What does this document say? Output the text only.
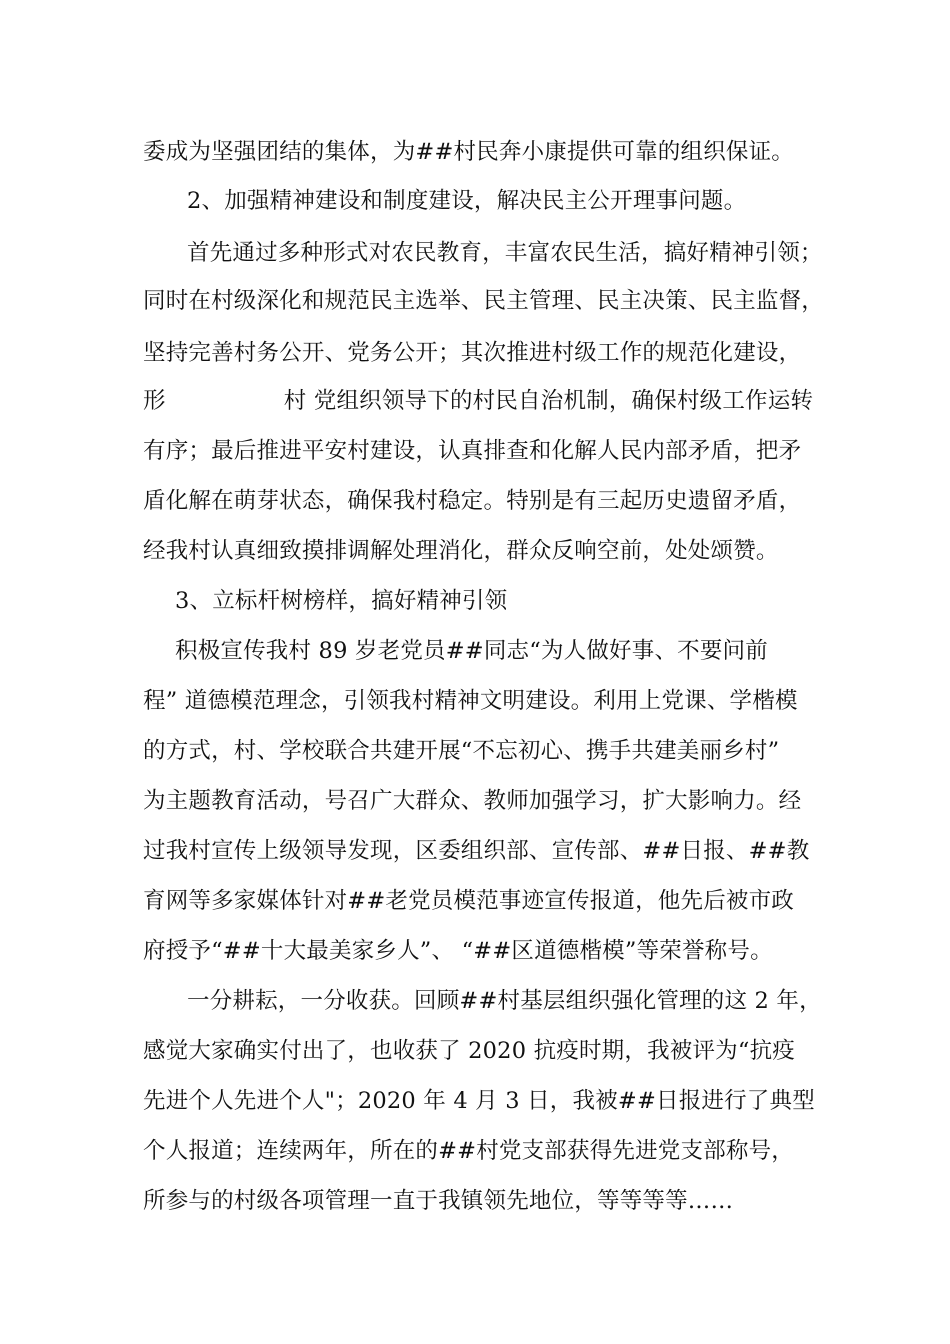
委成为坚强团结的集体，为##村民奔小康提供可靠的组织保证。
2、加强精神建设和制度建设，解决民主公开理事问题。
首先通过多种形式对农民教育，丰富农民生活，搞好精神引领；
同时在村级深化和规范民主选举、民主管理、民主决策、民主监督，
坚持完善村务公开、党务公开；其次推进村级工作的规范化建设，
形	村 党组织领导下的村民自治机制，确保村级工作运转
有序；最后推进平安村建设，认真排查和化解人民内部矛盾，把矛
盾化解在萌芽状态，确保我村稳定。特别是有三起历史遗留矛盾，
经我村认真细致摸排调解处理消化，群众反响空前，处处颂赞。
3、立标杆树榜样，搞好精神引领
积极宣传我村 89 岁老党员##同志“为人做好事、不要问前
程” 道德模范理念，引领我村精神文明建设。利用上党课、学楷模
的方式，村、学校联合共建开展“不忘初心、携手共建美丽乡村”
为主题教育活动，号召广大群众、教师加强学习，扩大影响力。经
过我村宣传上级领导发现，区委组织部、宣传部、##日报、##教
育网等多家媒体针对##老党员模范事迹宣传报道，他先后被市政
府授予“##十大最美家乡人”、 “##区道德楷模”等荣誉称号。
一分耕耘，一分收获。回顾##村基层组织强化管理的这 2 年，
感觉大家确实付出了，也收获了 2020 抗疫时期，我被评为“抗疫
先进个人先进个人"；2020 年 4 月 3 日，我被##日报进行了典型
个人报道；连续两年，所在的##村党支部获得先进党支部称号，
所参与的村级各项管理一直于我镇领先地位，等等等等……
